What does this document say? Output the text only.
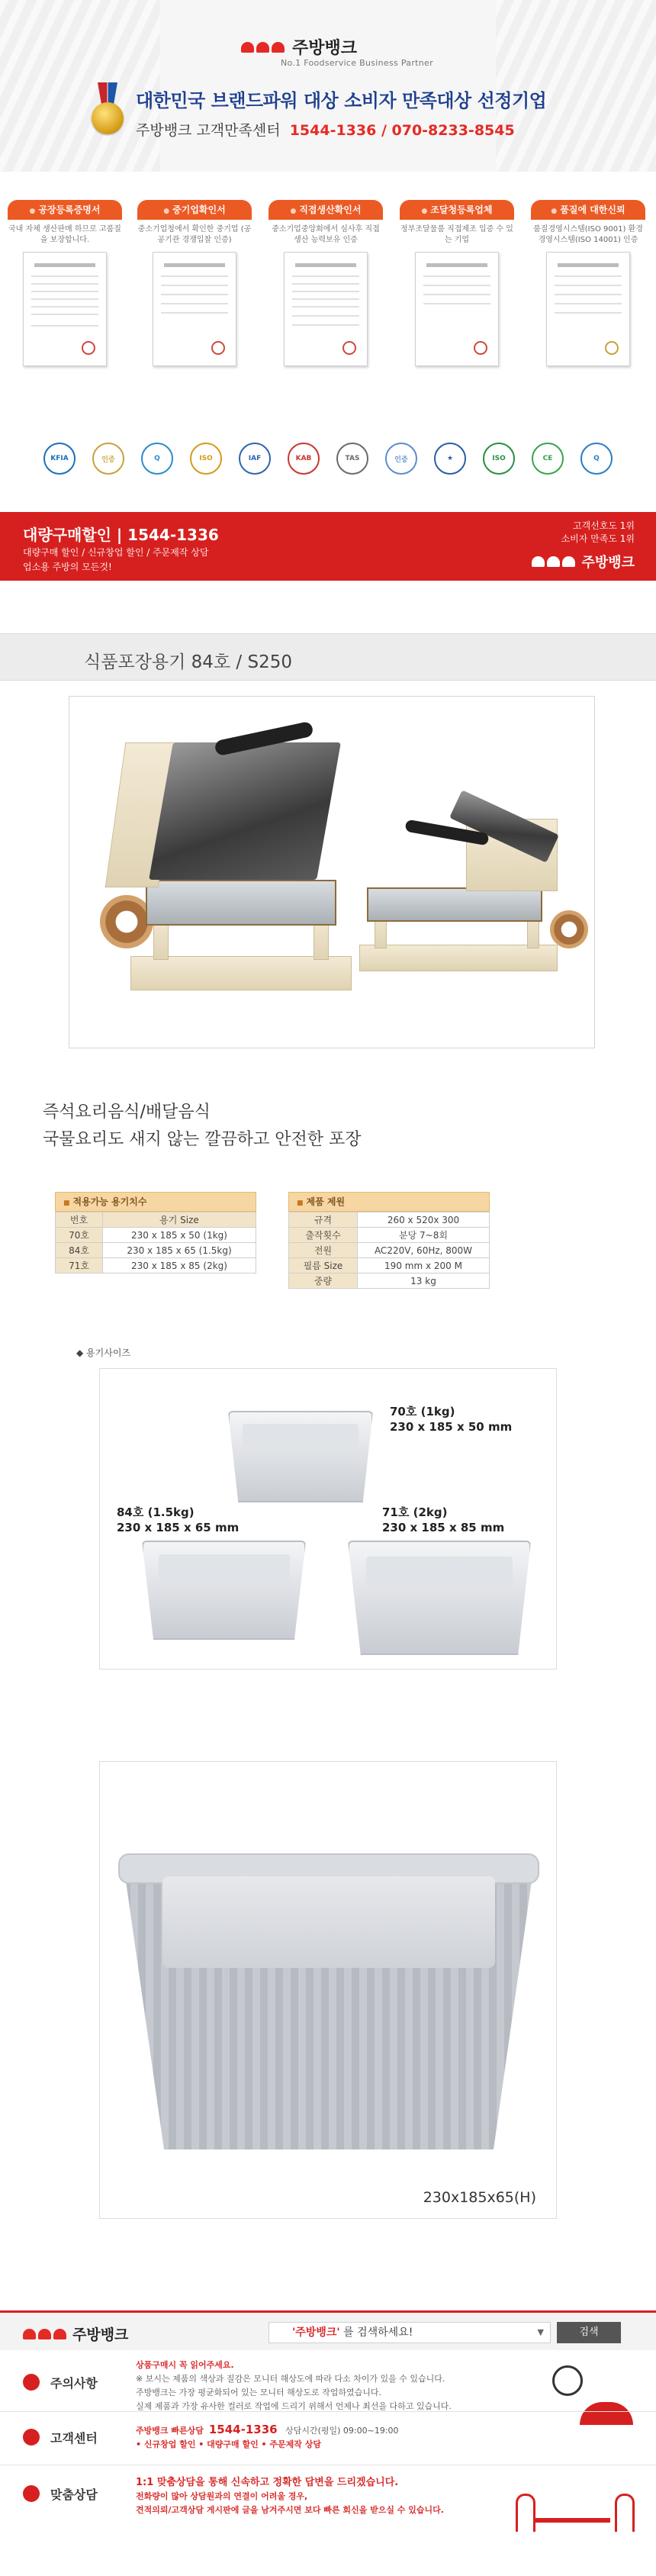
주방뱅크
No.1 Foodservice Business Partner
대한민국 브랜드파워 대상 소비자 만족대상 선정기업
주방뱅크 고객만족센터 1544-1336 / 070-8233-8545
● 공장등록증명서
국내 자체 생산판매 하므로 고품질을 보장합니다.
● 중기업확인서
중소기업청에서 확인한 중기업 (공공기관 경쟁입찰 인증)
● 직접생산확인서
중소기업중앙회에서 심사후 직접생산 능력보유 인증
● 조달청등록업체
정부조달물품 직접제조 입증 수 있는 기업
● 품질에 대한신뢰
품질경영시스템(ISO 9001) 환경경영시스템(ISO 14001) 인증
KFIA	인증	Q	ISO	IAF	KAB	TAS	인증	★	ISO	CE	Q
대량구매할인 | 1544-1336
대량구매 할인 / 신규창업 할인 / 주문제작 상담
업소용 주방의 모든것!
고객선호도 1위
소비자 만족도 1위
주방뱅크
식품포장용기 84호 / S250
즉석요리음식/배달음식
국물요리도 새지 않는 깔끔하고 안전한 포장
■ 적용가능 용기치수
번호	용기 Size
70호	230 x 185 x 50 (1kg)
84호	230 x 185 x 65 (1.5kg)
71호	230 x 185 x 85 (2kg)
■ 제품 제원
규격	260 x 520x 300
출작횟수	분당 7~8회
전원	AC220V, 60Hz, 800W
필름 Size	190 mm x 200 M
중량	13 kg
◆ 용기사이즈
70호 (1kg)
230 x 185 x 50 mm
84호 (1.5kg)
230 x 185 x 65 mm
71호 (2kg)
230 x 185 x 85 mm
230x185x65(H)
주방뱅크	'주방뱅크' 를 검색하세요!	▼	검색
주의사항
상품구매시 꼭 읽어주세요.
※ 보시는 제품의 색상과 질감은 모니터 해상도에 따라 다소 차이가 있을 수 있습니다.
주방뱅크는 가장 평균화되어 있는 모니터 해상도로 작업하였습니다.
실제 제품과 가장 유사한 컬러로 작업에 드리기 위해서 언제나 최선을 다하고 있습니다.
고객센터
주방뱅크 빠른상담 1544-1336 상담시간(평일) 09:00~19:00
• 신규창업 할인 • 대량구매 할인 • 주문제작 상담
맞춤상담
1:1 맞춤상담을 통해 신속하고 정확한 답변을 드리겠습니다.
전화량이 많아 상담원과의 연결이 어려울 경우,
견적의뢰/고객상담 게시판에 글을 남겨주시면 보다 빠른 회신을 받으실 수 있습니다.
